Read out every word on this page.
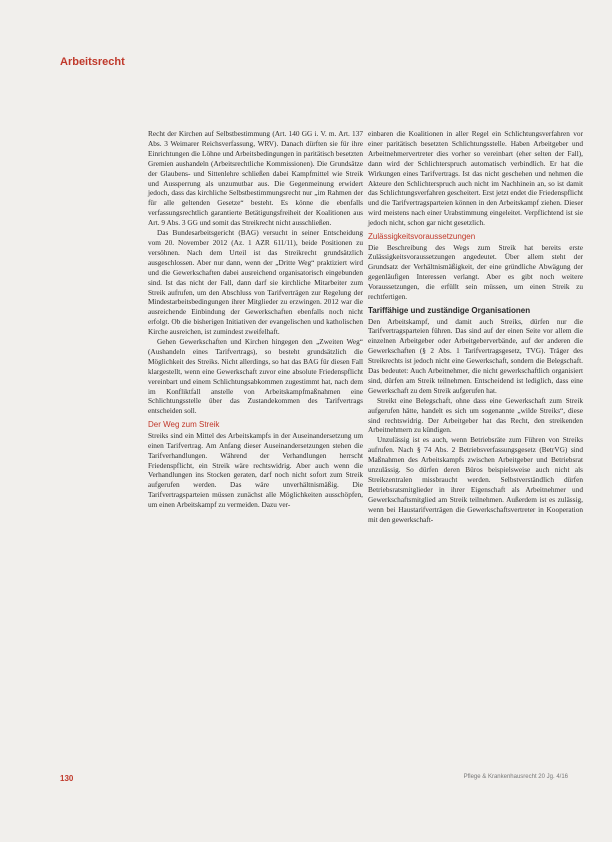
Arbeitsrecht

Recht der Kirchen auf Selbstbestimmung (Art. 140 GG i. V. m. Art. 137 Abs. 3 Weimarer Reichsverfassung, WRV). Danach dürften sie für ihre Einrichtungen die Löhne und Arbeitsbedingungen in paritätisch besetzten Gremien aushandeln (Arbeitsrechtliche Kommissionen). Die Grundsätze der Glaubens- und Sittenlehre schließen dabei Kampfmittel wie Streik und Aussperrung als unzumutbar aus. Die Gegenmeinung erwidert jedoch, dass das kirchliche Selbstbestimmungsrecht nur „im Rahmen der für alle geltenden Gesetze“ besteht. Es könne die ebenfalls verfassungsrechtlich garantierte Betätigungsfreiheit der Koalitionen aus Art. 9 Abs. 3 GG und somit das Streikrecht nicht ausschließen.

Das Bundesarbeitsgericht (BAG) versucht in seiner Entscheidung vom 20. November 2012 (Az. 1 AZR 611/11), beide Positionen zu versöhnen. Nach dem Urteil ist das Streikrecht grundsätzlich ausgeschlossen. Aber nur dann, wenn der „Dritte Weg“ praktiziert wird und die Gewerkschaften dabei ausreichend organisatorisch eingebunden sind. Ist das nicht der Fall, dann darf sie kirchliche Mitarbeiter zum Streik aufrufen, um den Abschluss von Tarifverträgen zur Regelung der Mindestarbeitsbedingungen ihrer Mitglieder zu erzwingen. 2012 war die ausreichende Einbindung der Gewerkschaften ebenfalls noch nicht erfolgt. Ob die bisherigen Initiativen der evangelischen und katholischen Kirche ausreichen, ist zumindest zweifelhaft.

Gehen Gewerkschaften und Kirchen hingegen den „Zweiten Weg“ (Aushandeln eines Tarifvertrags), so besteht grundsätzlich die Möglichkeit des Streiks. Nicht allerdings, so hat das BAG für diesen Fall klargestellt, wenn eine Gewerkschaft zuvor eine absolute Friedenspflicht vereinbart und einem Schlichtungsabkommen zugestimmt hat, nach dem im Konfliktfall anstelle von Arbeitskampfmaßnahmen eine Schlichtungsstelle über das Zustandekommen des Tarifvertrags entscheiden soll.

Der Weg zum Streik

Streiks sind ein Mittel des Arbeitskampfs in der Auseinandersetzung um einen Tarifvertrag. Am Anfang dieser Auseinandersetzungen stehen die Tarifverhandlungen. Während der Verhandlungen herrscht Friedenspflicht, ein Streik wäre rechtswidrig. Aber auch wenn die Verhandlungen ins Stocken geraten, darf noch nicht sofort zum Streik aufgerufen werden. Das wäre unverhältnismäßig. Die Tarifvertragsparteien müssen zunächst alle Möglichkeiten ausschöpfen, um einen Arbeitskampf zu vermeiden. Dazu ver-

einbaren die Koalitionen in aller Regel ein Schlichtungsverfahren vor einer paritätisch besetzten Schlichtungsstelle. Haben Arbeitgeber und Arbeitnehmervertreter dies vorher so vereinbart (eher selten der Fall), dann wird der Schlichterspruch automatisch verbindlich. Er hat die Wirkungen eines Tarifvertrags. Ist das nicht geschehen und nehmen die Akteure den Schlichterspruch auch nicht im Nachhinein an, so ist damit das Schlichtungsverfahren gescheitert. Erst jetzt endet die Friedenspflicht und die Tarifvertragsparteien können in den Arbeitskampf ziehen. Dieser wird meistens nach einer Urabstimmung eingeleitet. Verpflichtend ist sie jedoch nicht, schon gar nicht gesetzlich.

Zulässigkeitsvoraussetzungen

Die Beschreibung des Wegs zum Streik hat bereits erste Zulässigkeitsvoraussetzungen angedeutet. Über allem steht der Grundsatz der Verhältnismäßigkeit, der eine gründliche Abwägung der gegenläufigen Interessen verlangt. Aber es gibt noch weitere Voraussetzungen, die erfüllt sein müssen, um einen Streik zu rechtfertigen.

Tariffähige und zuständige Organisationen

Den Arbeitskampf, und damit auch Streiks, dürfen nur die Tarifvertragsparteien führen. Das sind auf der einen Seite vor allem die einzelnen Arbeitgeber oder Arbeitgeberverbände, auf der anderen die Gewerkschaften (§ 2 Abs. 1 Tarifvertragsgesetz, TVG). Träger des Streikrechts ist jedoch nicht eine Gewerkschaft, sondern die Belegschaft. Das bedeutet: Auch Arbeitnehmer, die nicht gewerkschaftlich organisiert sind, dürfen am Streik teilnehmen. Entscheidend ist lediglich, dass eine Gewerkschaft zu dem Streik aufgerufen hat.

Streikt eine Belegschaft, ohne dass eine Gewerkschaft zum Streik aufgerufen hätte, handelt es sich um sogenannte „wilde Streiks“, diese sind rechtswidrig. Der Arbeitgeber hat das Recht, den streikenden Arbeitnehmern zu kündigen.

Unzulässig ist es auch, wenn Betriebsräte zum Führen von Streiks aufrufen. Nach § 74 Abs. 2 Betriebsverfassungsgesetz (BetrVG) sind Maßnahmen des Arbeitskampfs zwischen Arbeitgeber und Betriebsrat unzulässig. So dürfen deren Büros beispielsweise auch nicht als Streikzentralen missbraucht werden. Selbstverständlich dürfen Betriebsratsmitglieder in ihrer Eigenschaft als Arbeitnehmer und Gewerkschaftsmitglied am Streik teilnehmen. Außerdem ist es zulässig, wenn bei Haustarifverträgen die Gewerkschaftsvertreter in Kooperation mit den gewerkschaft-

130	Pflege & Krankenhausrecht 20 Jg. 4/16
